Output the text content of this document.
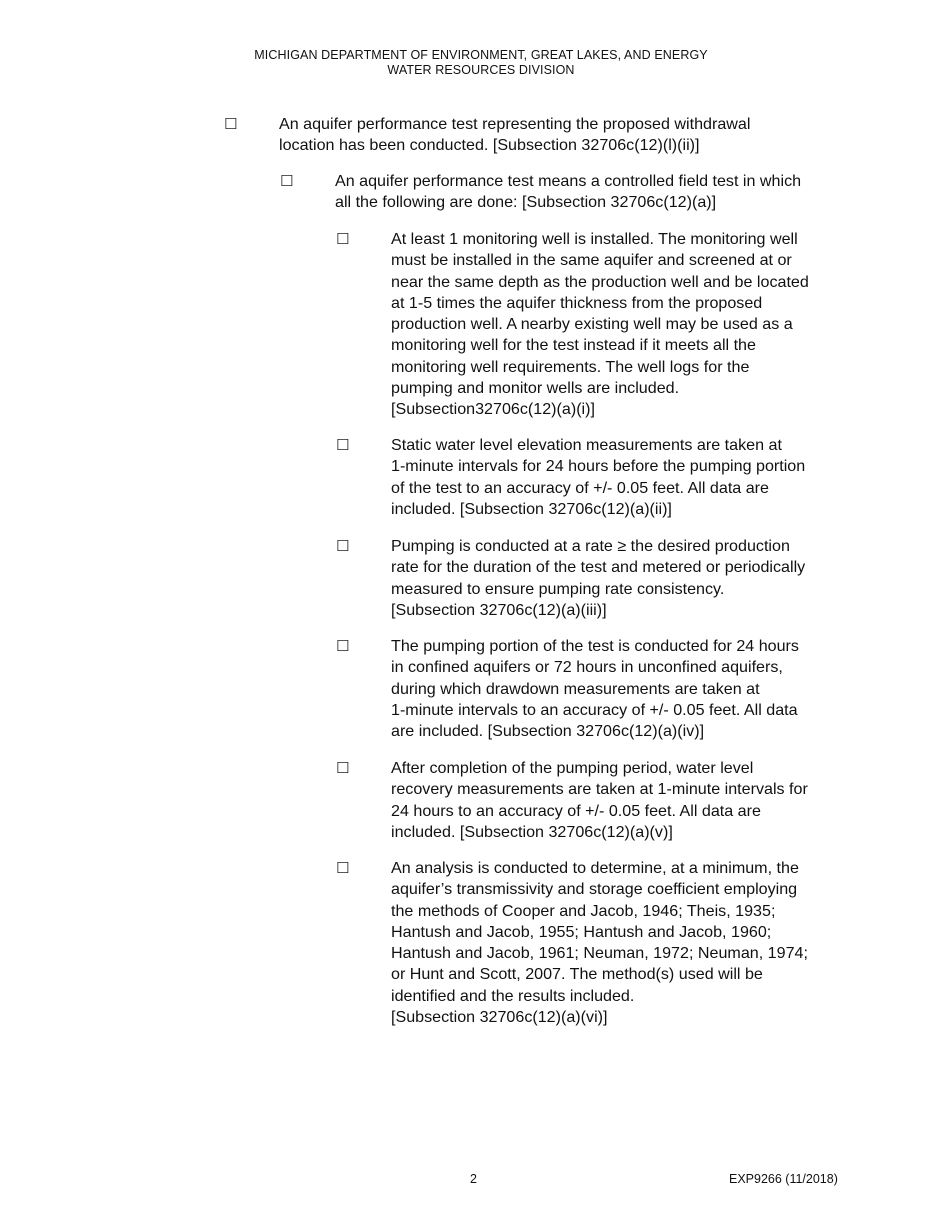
MICHIGAN DEPARTMENT OF ENVIRONMENT, GREAT LAKES, AND ENERGY
WATER RESOURCES DIVISION
☐	An aquifer performance test representing the proposed withdrawal
location has been conducted. [Subsection 32706c(12)(l)(ii)]
☐	An aquifer performance test means a controlled field test in which
all the following are done: [Subsection 32706c(12)(a)]
☐	At least 1 monitoring well is installed. The monitoring well
must be installed in the same aquifer and screened at or
near the same depth as the production well and be located
at 1-5 times the aquifer thickness from the proposed
production well. A nearby existing well may be used as a
monitoring well for the test instead if it meets all the
monitoring well requirements. The well logs for the
pumping and monitor wells are included.
[Subsection32706c(12)(a)(i)]
☐	Static water level elevation measurements are taken at
1-minute intervals for 24 hours before the pumping portion
of the test to an accuracy of +/- 0.05 feet. All data are
included. [Subsection 32706c(12)(a)(ii)]
☐	Pumping is conducted at a rate ≥ the desired production
rate for the duration of the test and metered or periodically
measured to ensure pumping rate consistency.
[Subsection 32706c(12)(a)(iii)]
☐	The pumping portion of the test is conducted for 24 hours
in confined aquifers or 72 hours in unconfined aquifers,
during which drawdown measurements are taken at
1-minute intervals to an accuracy of +/- 0.05 feet. All data
are included. [Subsection 32706c(12)(a)(iv)]
☐	After completion of the pumping period, water level
recovery measurements are taken at 1-minute intervals for
24 hours to an accuracy of +/- 0.05 feet. All data are
included. [Subsection 32706c(12)(a)(v)]
☐	An analysis is conducted to determine, at a minimum, the
aquifer’s transmissivity and storage coefficient employing
the methods of Cooper and Jacob, 1946; Theis, 1935;
Hantush and Jacob, 1955; Hantush and Jacob, 1960;
Hantush and Jacob, 1961; Neuman, 1972; Neuman, 1974;
or Hunt and Scott, 2007. The method(s) used will be
identified and the results included.
[Subsection 32706c(12)(a)(vi)]
2	EXP9266 (11/2018)
